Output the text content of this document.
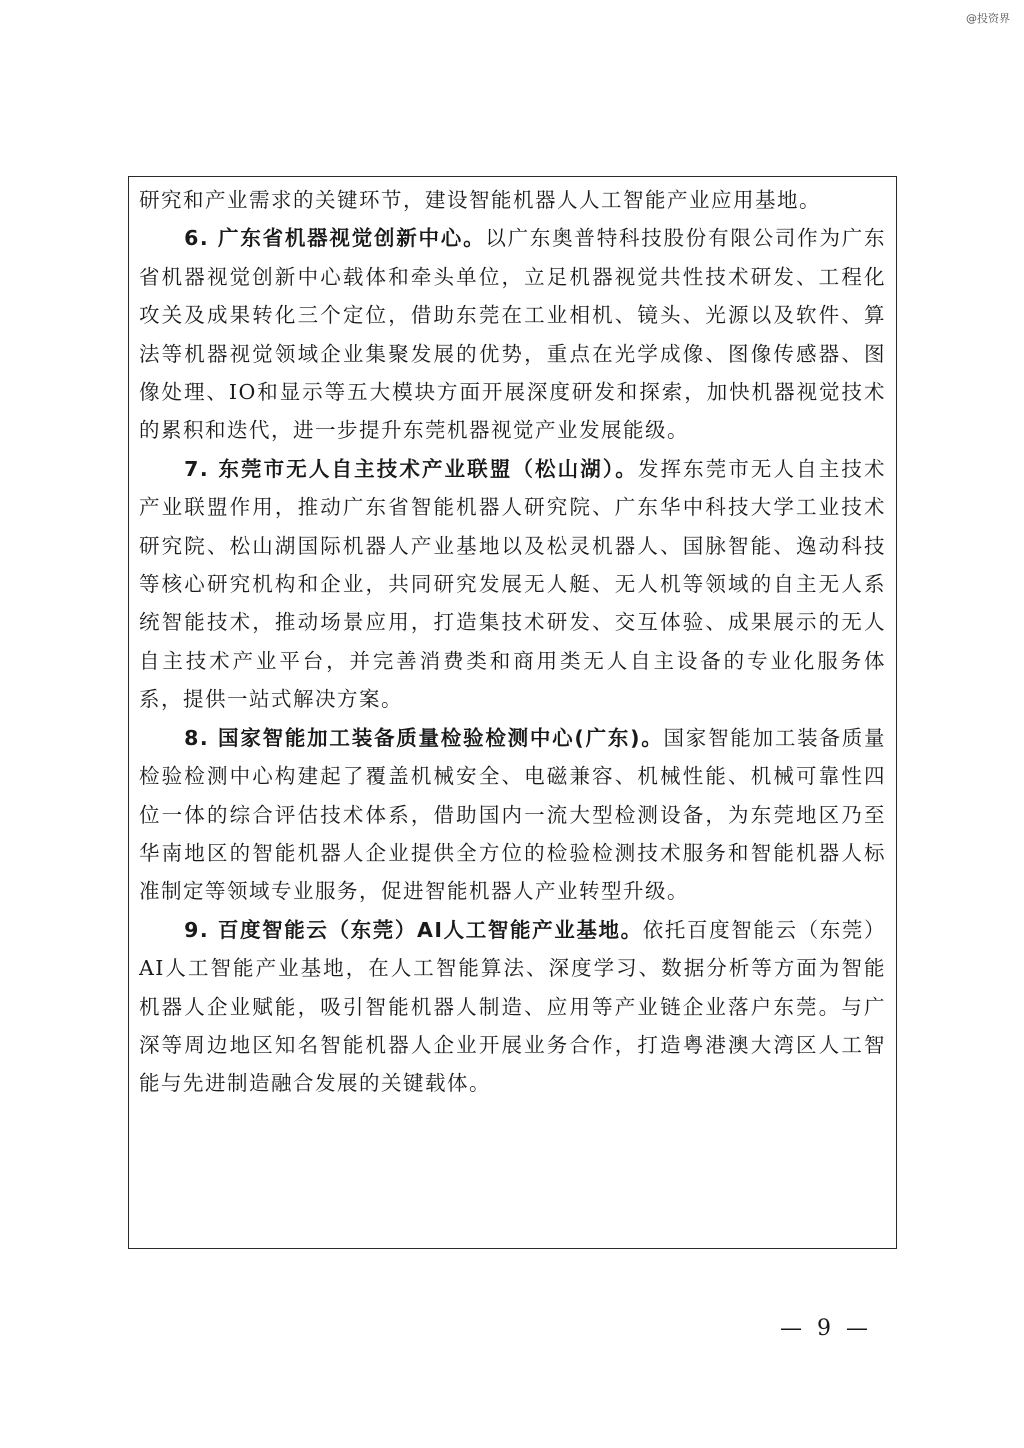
@投资界

研究和产业需求的关键环节，建设智能机器人人工智能产业应用基地。

6. 广东省机器视觉创新中心。以广东奥普特科技股份有限公司作为广东省机器视觉创新中心载体和牵头单位，立足机器视觉共性技术研发、工程化攻关及成果转化三个定位，借助东莞在工业相机、镜头、光源以及软件、算法等机器视觉领域企业集聚发展的优势，重点在光学成像、图像传感器、图像处理、IO和显示等五大模块方面开展深度研发和探索，加快机器视觉技术的累积和迭代，进一步提升东莞机器视觉产业发展能级。

7. 东莞市无人自主技术产业联盟（松山湖）。发挥东莞市无人自主技术产业联盟作用，推动广东省智能机器人研究院、广东华中科技大学工业技术研究院、松山湖国际机器人产业基地以及松灵机器人、国脉智能、逸动科技等核心研究机构和企业，共同研究发展无人艇、无人机等领域的自主无人系统智能技术，推动场景应用，打造集技术研发、交互体验、成果展示的无人自主技术产业平台，并完善消费类和商用类无人自主设备的专业化服务体系，提供一站式解决方案。

8. 国家智能加工装备质量检验检测中心(广东)。国家智能加工装备质量检验检测中心构建起了覆盖机械安全、电磁兼容、机械性能、机械可靠性四位一体的综合评估技术体系，借助国内一流大型检测设备，为东莞地区乃至华南地区的智能机器人企业提供全方位的检验检测技术服务和智能机器人标准制定等领域专业服务，促进智能机器人产业转型升级。

9. 百度智能云（东莞）AI人工智能产业基地。依托百度智能云（东莞）AI人工智能产业基地，在人工智能算法、深度学习、数据分析等方面为智能机器人企业赋能，吸引智能机器人制造、应用等产业链企业落户东莞。与广深等周边地区知名智能机器人企业开展业务合作，打造粤港澳大湾区人工智能与先进制造融合发展的关键载体。

— 9 —
